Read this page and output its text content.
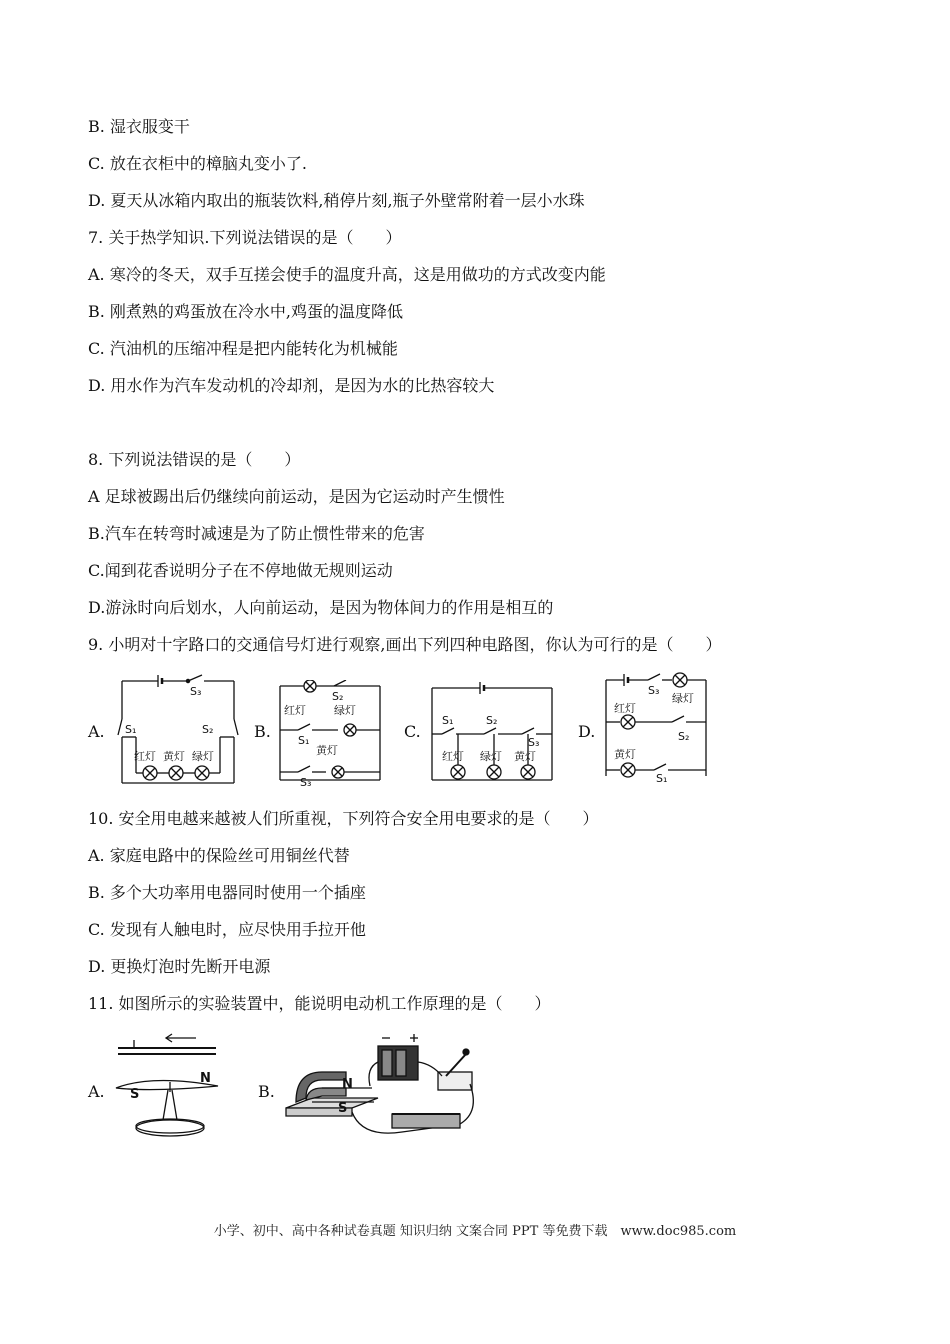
B. 湿衣服变干
C. 放在衣柜中的樟脑丸变小了.
D. 夏天从冰箱内取出的瓶装饮料,稍停片刻,瓶子外壁常附着一层小水珠
7. 关于热学知识.下列说法错误的是（　　）
A. 寒冷的冬天，双手互搓会使手的温度升高，这是用做功的方式改变内能
B. 刚煮熟的鸡蛋放在冷水中,鸡蛋的温度降低
C. 汽油机的压缩冲程是把内能转化为机械能
D. 用水作为汽车发动机的冷却剂，是因为水的比热容较大
8. 下列说法错误的是（　　）
A 足球被踢出后仍继续向前运动，是因为它运动时产生惯性
B.汽车在转弯时减速是为了防止惯性带来的危害
C.闻到花香说明分子在不停地做无规则运动
D.游泳时向后划水，人向前运动，是因为物体间力的作用是相互的
9. 小明对十字路口的交通信号灯进行观察,画出下列四种电路图，你认为可行的是（　　）
A.
S₃
S₁	S₂
红灯 黄灯 绿灯
B.
S₂
红灯	绿灯
S₁
黄灯
S₃
C.
S₁	S₂
S₃
红灯 绿灯 黄灯
D.
S₃
绿灯
红灯
S₂
黄灯
S₁
10. 安全用电越来越被人们所重视，下列符合安全用电要求的是（　　）
A. 家庭电路中的保险丝可用铜丝代替
B. 多个大功率用电器同时使用一个插座
C. 发现有人触电时，应尽快用手拉开他
D. 更换灯泡时先断开电源
11. 如图所示的实验装置中，能说明电动机工作原理的是（　　）
A. S
N
B.	N
S
小学、初中、高中各种试卷真题 知识归纳 文案合同 PPT 等免费下载　www.doc985.com
